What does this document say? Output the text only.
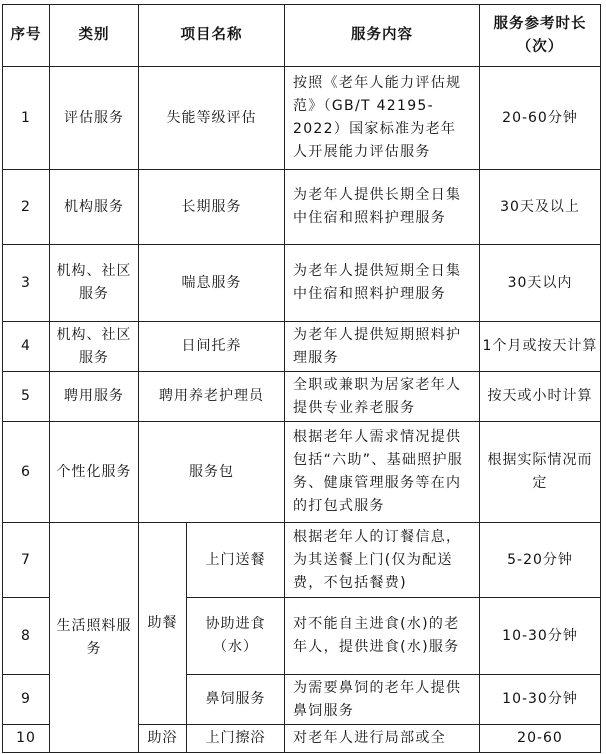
序号	类别	项目名称		服务内容	服务参考时长（次）
1	评估服务	失能等级评估		按照《老年人能力评估规范》（GB/T 42195-2022）国家标准为老年人开展能力评估服务	20-60分钟
2	机构服务	长期服务		为老年人提供长期全日集中住宿和照料护理服务	30天及以上
3	机构、社区服务	喘息服务		为老年人提供短期全日集中住宿和照料护理服务	30天以内
4	机构、社区服务	日间托养		为老年人提供短期照料护理服务	1个月或按天计算
5	聘用服务	聘用养老护理员		全职或兼职为居家老年人提供专业养老服务	按天或小时计算
6	个性化服务	服务包		根据老年人需求情况提供包括“六助”、基础照护服务、健康管理服务等在内的打包式服务	根据实际情况而定
7	生活照料服务	助餐	上门送餐	根据老年人的订餐信息，为其送餐上门(仅为配送费，不包括餐费)	5-20分钟
8			协助进食（水）	对不能自主进食(水)的老年人，提供进食(水)服务	10-30分钟
9			鼻饲服务	为需要鼻饲的老年人提供鼻饲服务	10-30分钟
10		助浴	上门擦浴	对老年人进行局部或全	20-60
